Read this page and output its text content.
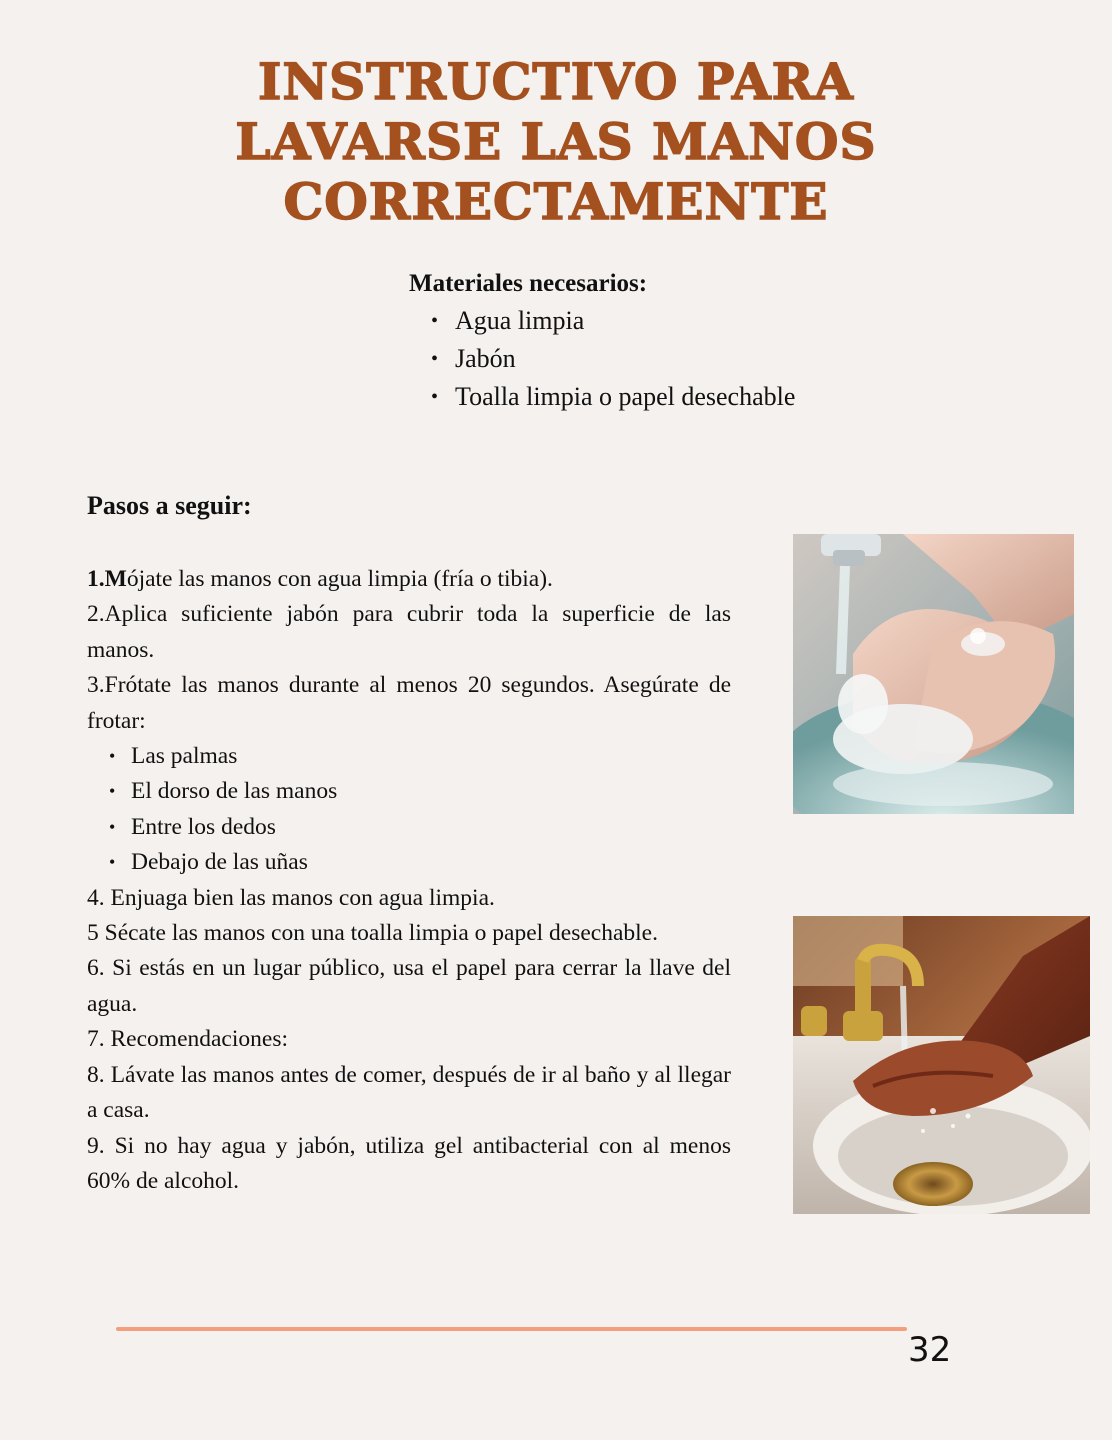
INSTRUCTIVO PARA
LAVARSE LAS MANOS
CORRECTAMENTE
Materiales necesarios:
• Agua limpia
• Jabón
• Toalla limpia o papel desechable
Pasos a seguir:

1.Mójate las manos con agua limpia (fría o tibia).

2.Aplica suficiente jabón para cubrir toda la superficie de las manos.

3.Frótate las manos durante al menos 20 segundos. Asegúrate de frotar:

• Las palmas
• El dorso de las manos
• Entre los dedos
• Debajo de las uñas

4. Enjuaga bien las manos con agua limpia.

5 Sécate las manos con una toalla limpia o papel desechable.

6. Si estás en un lugar público, usa el papel para cerrar la llave del agua.

7. Recomendaciones:

8. Lávate las manos antes de comer, después de ir al baño y al llegar a casa.

9. Si no hay agua y jabón, utiliza gel antibacterial con al menos 60% de alcohol.

32
